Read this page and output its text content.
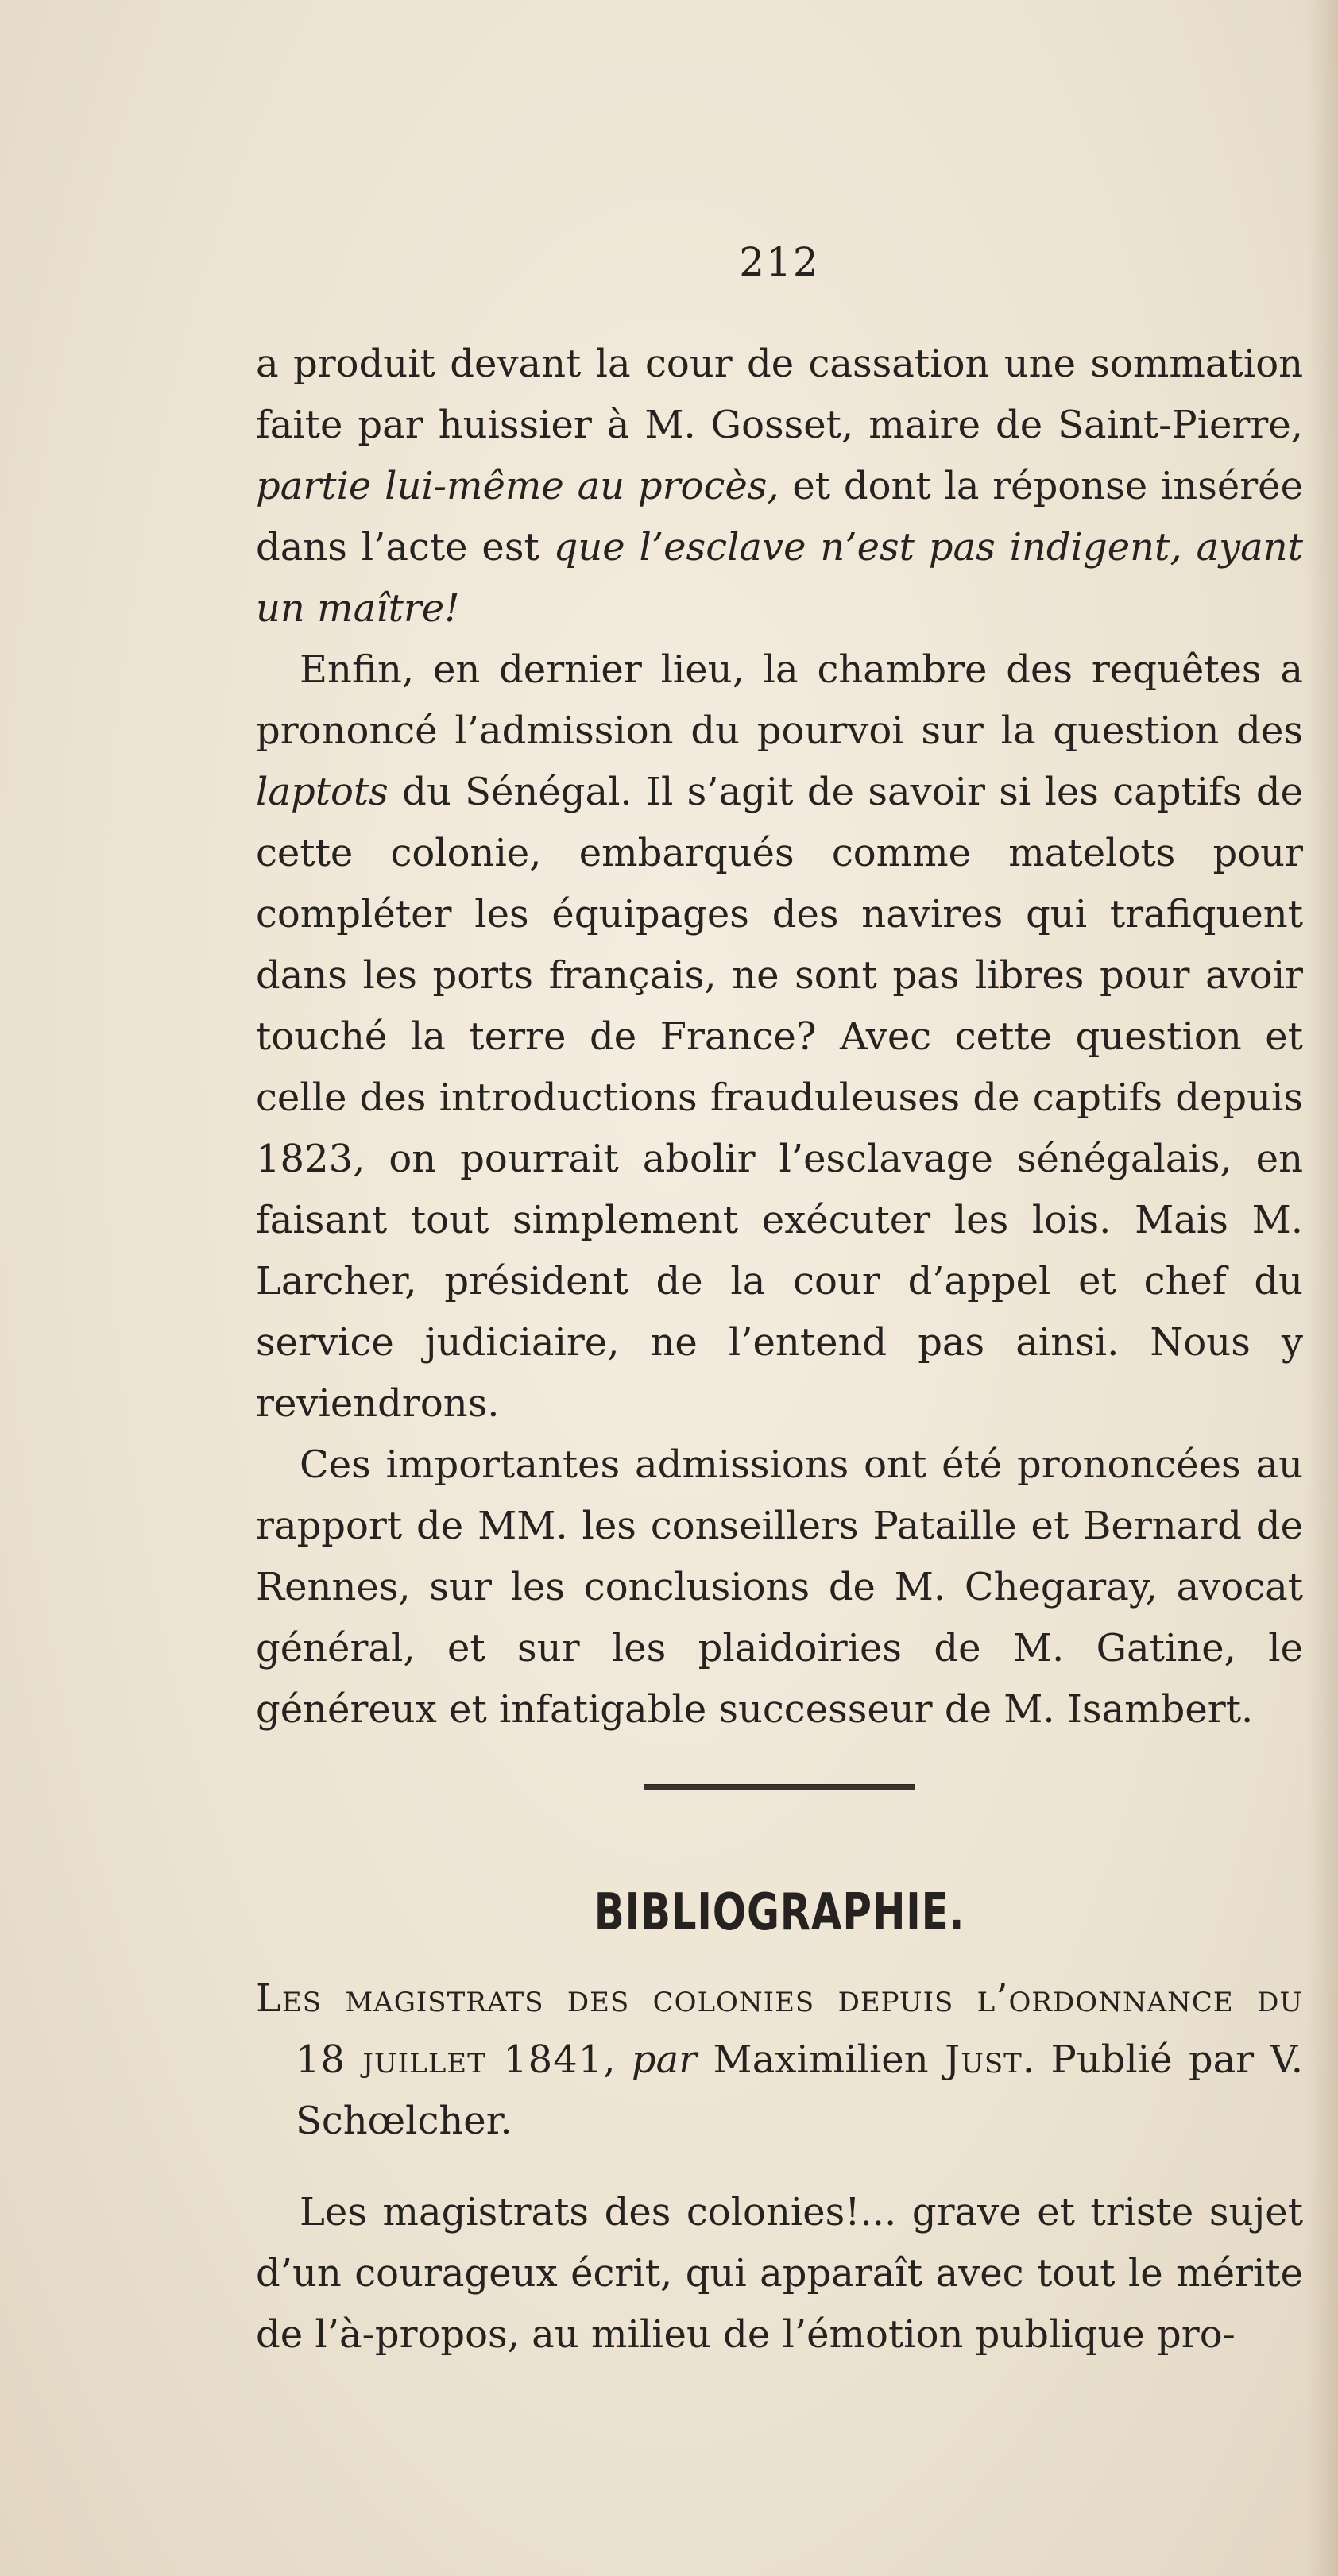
212

a produit devant la cour de cassation une sommation faite par huissier à M. Gosset, maire de Saint-Pierre, partie lui-même au procès, et dont la réponse insérée dans l’acte est que l’esclave n’est pas indigent, ayant un maître!

Enfin, en dernier lieu, la chambre des requêtes a prononcé l’admission du pourvoi sur la question des laptots du Sénégal. Il s’agit de savoir si les captifs de cette colonie, embarqués comme matelots pour compléter les équipages des navires qui trafiquent dans les ports français, ne sont pas libres pour avoir touché la terre de France? Avec cette question et celle des introductions frauduleuses de captifs depuis 1823, on pourrait abolir l’esclavage sénégalais, en faisant tout simplement exécuter les lois. Mais M. Larcher, président de la cour d’appel et chef du service judiciaire, ne l’entend pas ainsi. Nous y reviendrons.

Ces importantes admissions ont été prononcées au rapport de MM. les conseillers Pataille et Bernard de Rennes, sur les conclusions de M. Chegaray, avocat général, et sur les plaidoiries de M. Gatine, le généreux et infatigable successeur de M. Isambert.

BIBLIOGRAPHIE.

Les magistrats des colonies depuis l’ordonnance du 18 juillet 1841, par Maximilien Just. Publié par V. Schœlcher.

Les magistrats des colonies!... grave et triste sujet d’un courageux écrit, qui apparaît avec tout le mérite de l’à-propos, au milieu de l’émotion publique pro-
